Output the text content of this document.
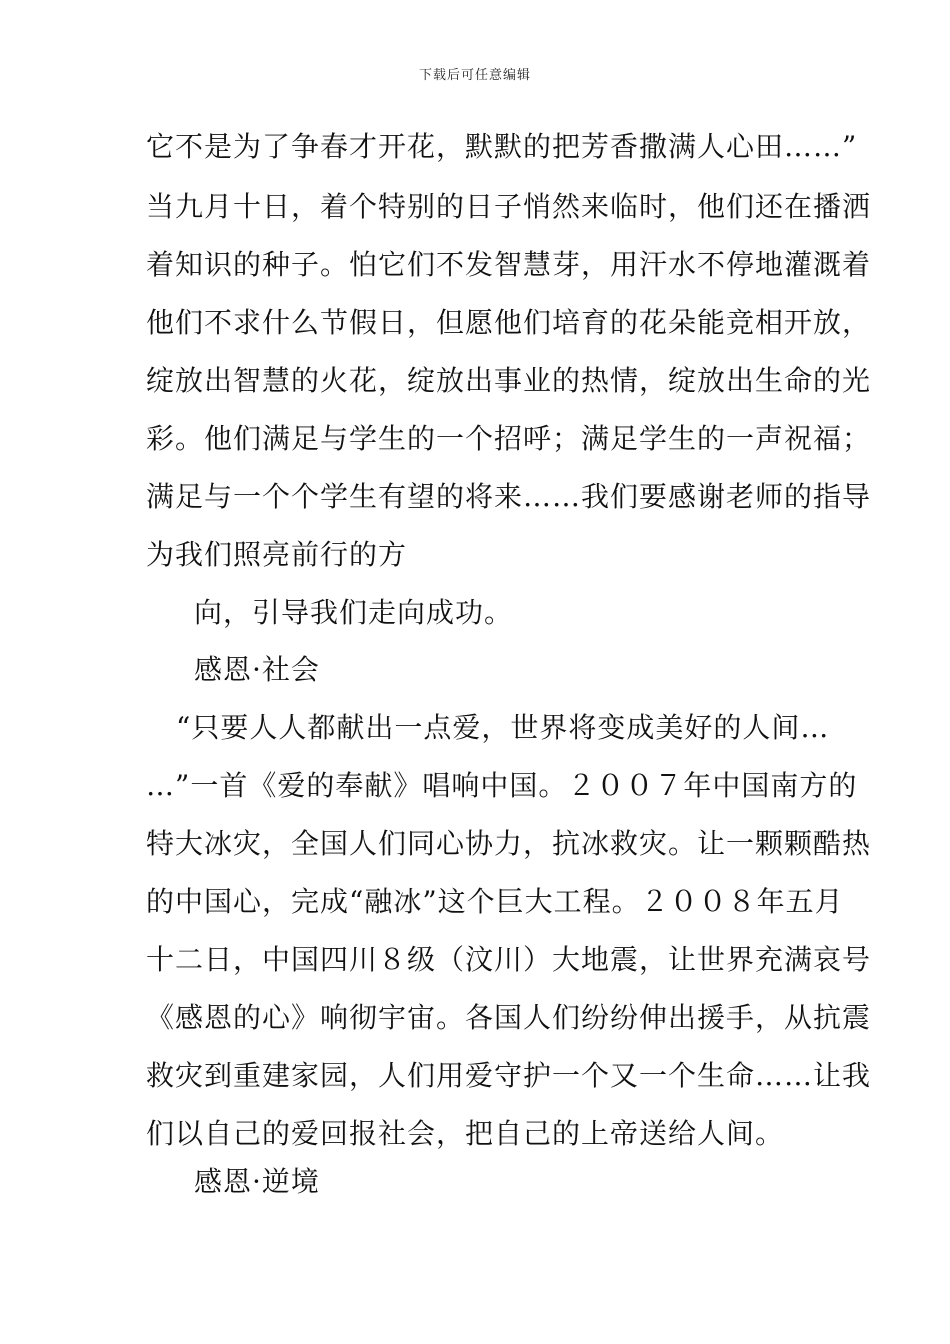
下载后可任意编辑
它不是为了争春才开花，默默的把芳香撒满人心田……”
当九月十日，着个特别的日子悄然来临时，他们还在播洒
着知识的种子。怕它们不发智慧芽，用汗水不停地灌溉着
他们不求什么节假日，但愿他们培育的花朵能竞相开放，
绽放出智慧的火花，绽放出事业的热情，绽放出生命的光
彩。他们满足与学生的一个招呼；满足学生的一声祝福；
满足与一个个学生有望的将来……我们要感谢老师的指导
为我们照亮前行的方
向，引导我们走向成功。
感恩·社会
“只要人人都献出一点爱，世界将变成美好的人间…
…”一首《爱的奉献》唱响中国。２００７年中国南方的
特大冰灾，全国人们同心协力，抗冰救灾。让一颗颗酷热
的中国心，完成“融冰”这个巨大工程。２００８年五月
十二日，中国四川８级（汶川）大地震，让世界充满哀号
《感恩的心》响彻宇宙。各国人们纷纷伸出援手，从抗震
救灾到重建家园，人们用爱守护一个又一个生命……让我
们以自己的爱回报社会，把自己的上帝送给人间。
感恩·逆境
